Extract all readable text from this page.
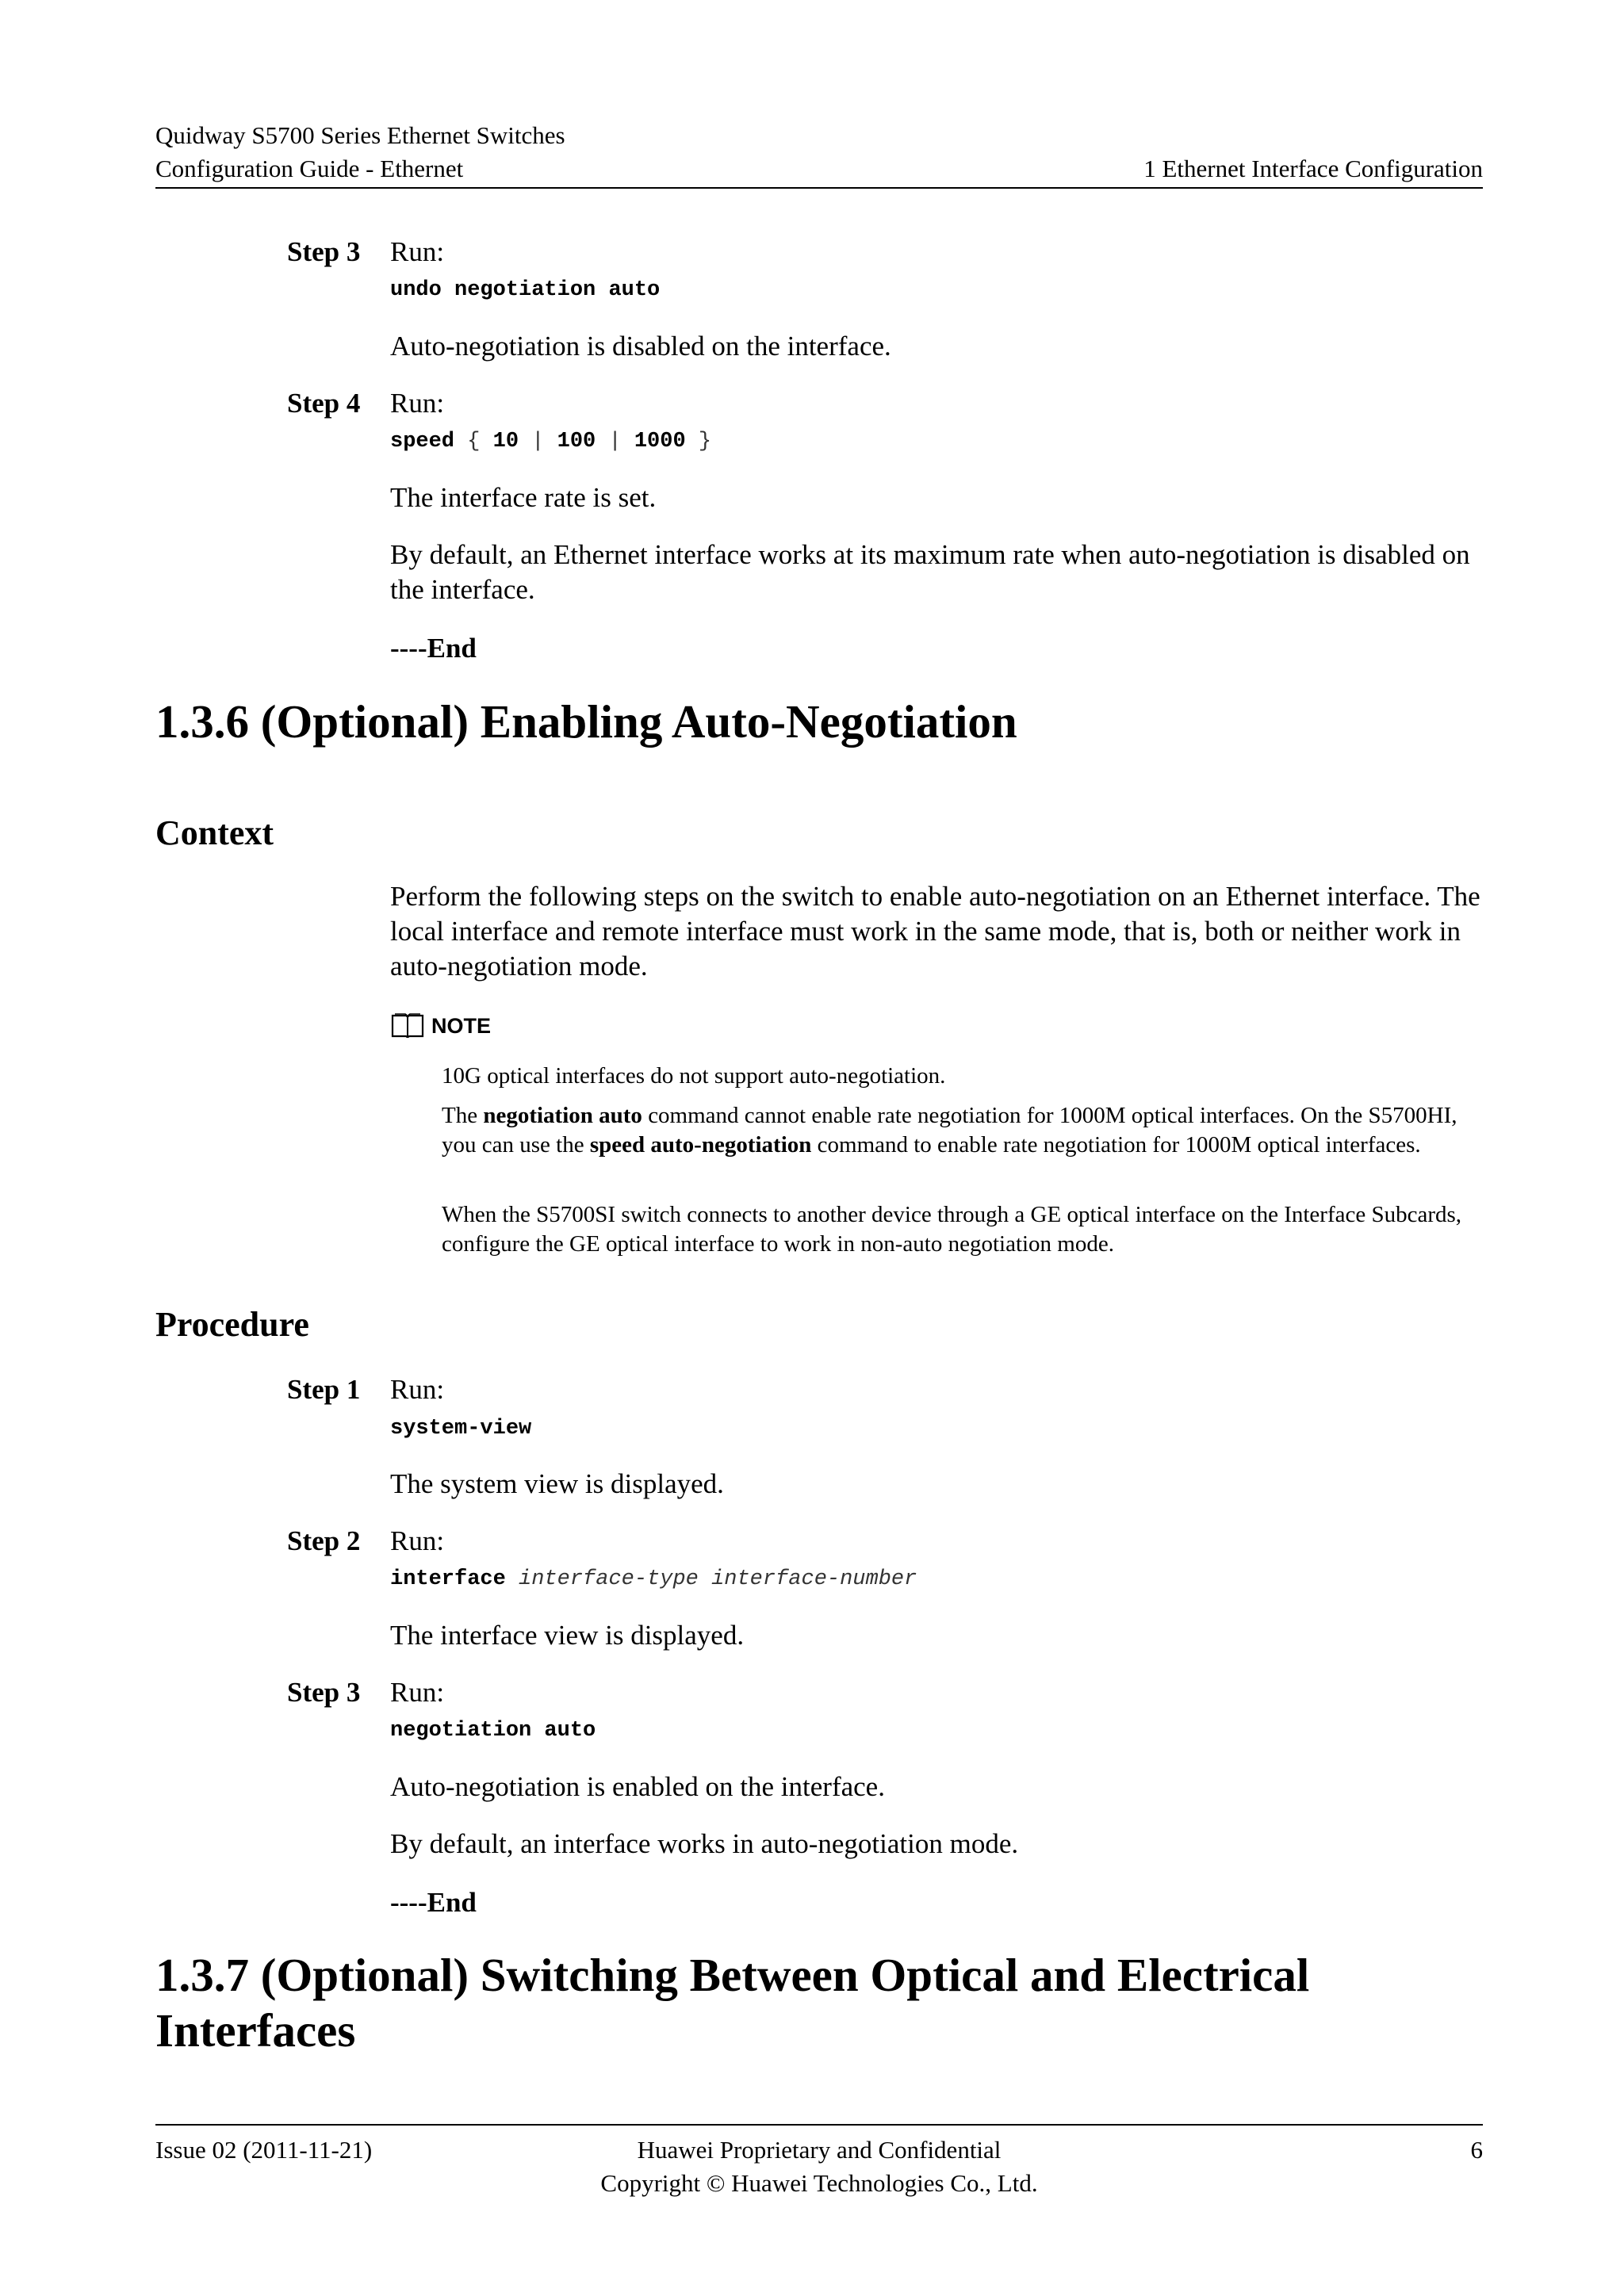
Quidway S5700 Series Ethernet Switches
Configuration Guide - Ethernet	1 Ethernet Interface Configuration
Step 3	Run:
undo negotiation auto
Auto-negotiation is disabled on the interface.
Step 4	Run:
speed { 10 | 100 | 1000 }
The interface rate is set.
By default, an Ethernet interface works at its maximum rate when auto-negotiation is disabled on the interface.
----End
1.3.6 (Optional) Enabling Auto-Negotiation
Context
Perform the following steps on the switch to enable auto-negotiation on an Ethernet interface. The local interface and remote interface must work in the same mode, that is, both or neither work in auto-negotiation mode.
NOTE
10G optical interfaces do not support auto-negotiation.
The negotiation auto command cannot enable rate negotiation for 1000M optical interfaces. On the S5700HI, you can use the speed auto-negotiation command to enable rate negotiation for 1000M optical interfaces.
When the S5700SI switch connects to another device through a GE optical interface on the Interface Subcards, configure the GE optical interface to work in non-auto negotiation mode.
Procedure
Step 1	Run:
system-view
The system view is displayed.
Step 2	Run:
interface interface-type interface-number
The interface view is displayed.
Step 3	Run:
negotiation auto
Auto-negotiation is enabled on the interface.
By default, an interface works in auto-negotiation mode.
----End
1.3.7 (Optional) Switching Between Optical and Electrical
Interfaces
Issue 02 (2011-11-21)	Huawei Proprietary and Confidential
Copyright © Huawei Technologies Co., Ltd.
6
